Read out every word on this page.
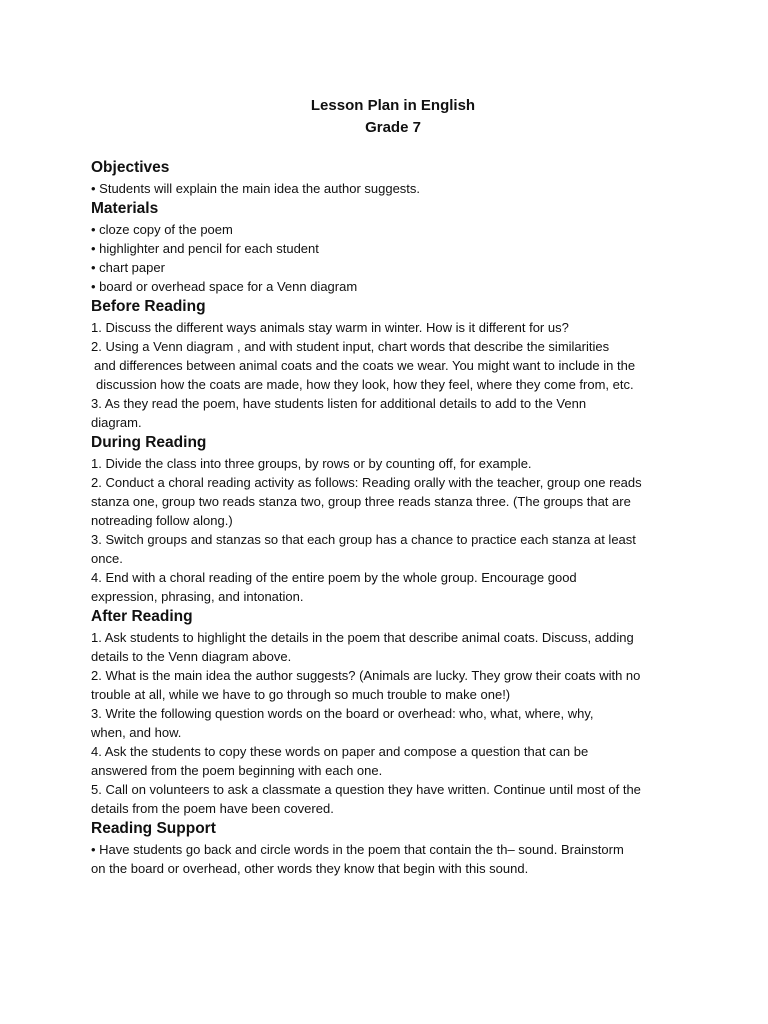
Lesson Plan in English

Grade 7

Objectives

• Students will explain the main idea the author suggests.

Materials

• cloze copy of the poem

• highlighter and pencil for each student

• chart paper

• board or overhead space for a Venn diagram

Before Reading

1. Discuss the different ways animals stay warm in winter. How is it different for us?

2. Using a Venn diagram , and with student input, chart words that describe the similarities

and differences between animal coats and the coats we wear. You might want to include in the

discussion how the coats are made, how they look, how they feel, where they come from, etc.

3. As they read the poem, have students listen for additional details to add to the Venn

diagram.

During Reading

1. Divide the class into three groups, by rows or by counting off, for example.

2. Conduct a choral reading activity as follows: Reading orally with the teacher, group one reads

stanza one, group two reads stanza two, group three reads stanza three. (The groups that are

notreading follow along.)

3. Switch groups and stanzas so that each group has a chance to practice each stanza at least

once.

4. End with a choral reading of the entire poem by the whole group. Encourage good

expression, phrasing, and intonation.

After Reading

1. Ask students to highlight the details in the poem that describe animal coats. Discuss, adding

details to the Venn diagram above.

2. What is the main idea the author suggests? (Animals are lucky. They grow their coats with no

trouble at all, while we have to go through so much trouble to make one!)

3. Write the following question words on the board or overhead: who, what, where, why,

when, and how.

4. Ask the students to copy these words on paper and compose a question that can be

answered from the poem beginning with each one.

5. Call on volunteers to ask a classmate a question they have written. Continue until most of the

details from the poem have been covered.

Reading Support

• Have students go back and circle words in the poem that contain the th– sound. Brainstorm

on the board or overhead, other words they know that begin with this sound.
